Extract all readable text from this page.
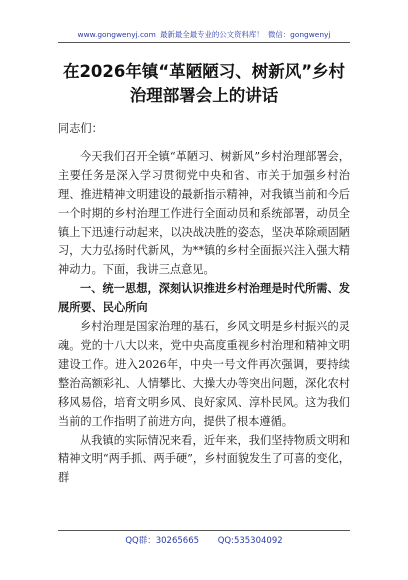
www.gongwenyj.com 最新最全最专业的公文资料库！ 微信：gongwenyj
在2026年镇“革陋陋习、树新风”乡村
治理部署会上的讲话

同志们：

今天我们召开全镇“革陋习、树新风”乡村治理部署会，主要任务是深入学习贯彻党中央和省、市关于加强乡村治理、推进精神文明建设的最新指示精神，对我镇当前和今后一个时期的乡村治理工作进行全面动员和系统部署，动员全镇上下迅速行动起来，以决战决胜的姿态，坚决革除顽固陋习，大力弘扬时代新风，为**镇的乡村全面振兴注入强大精神动力。下面，我讲三点意见。

一、统一思想，深刻认识推进乡村治理是时代所需、发展所要、民心所向

乡村治理是国家治理的基石，乡风文明是乡村振兴的灵魂。党的十八大以来，党中央高度重视乡村治理和精神文明建设工作。进入2026年，中央一号文件再次强调，要持续整治高额彩礼、人情攀比、大操大办等突出问题，深化农村移风易俗，培育文明乡风、良好家风、淳朴民风。这为我们当前的工作指明了前进方向，提供了根本遵循。

从我镇的实际情况来看，近年来，我们坚持物质文明和精神文明“两手抓、两手硬”，乡村面貌发生了可喜的变化，群

QQ群：30265665 QQ:535304092
